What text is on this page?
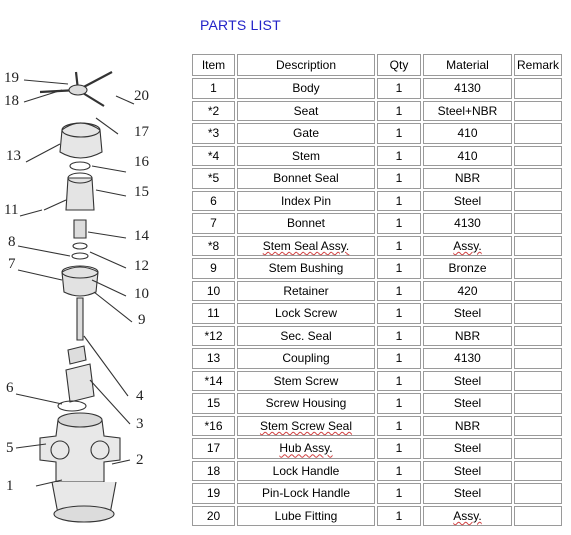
19
18	20
17
13	16
15
11
14
8
12
7
10
9
4
3
6
5
2
1
PARTS LIST
Item	Description	Qty	Material	Remark
1	Body	1	4130	
*2	Seat	1	Steel+NBR	
*3	Gate	1	410	
*4	Stem	1	410	
*5	Bonnet Seal	1	NBR	
6	Index Pin	1	Steel	
7	Bonnet	1	4130	
*8	Stem Seal Assy.	1	Assy.	
9	Stem Bushing	1	Bronze	
10	Retainer	1	420	
11	Lock Screw	1	Steel	
*12	Sec. Seal	1	NBR	
13	Coupling	1	4130	
*14	Stem Screw	1	Steel	
15	Screw Housing	1	Steel	
*16	Stem Screw Seal	1	NBR	
17	Hub Assy.	1	Steel	
18	Lock Handle	1	Steel	
19	Pin-Lock Handle	1	Steel	
20	Lube Fitting	1	Assy.	
